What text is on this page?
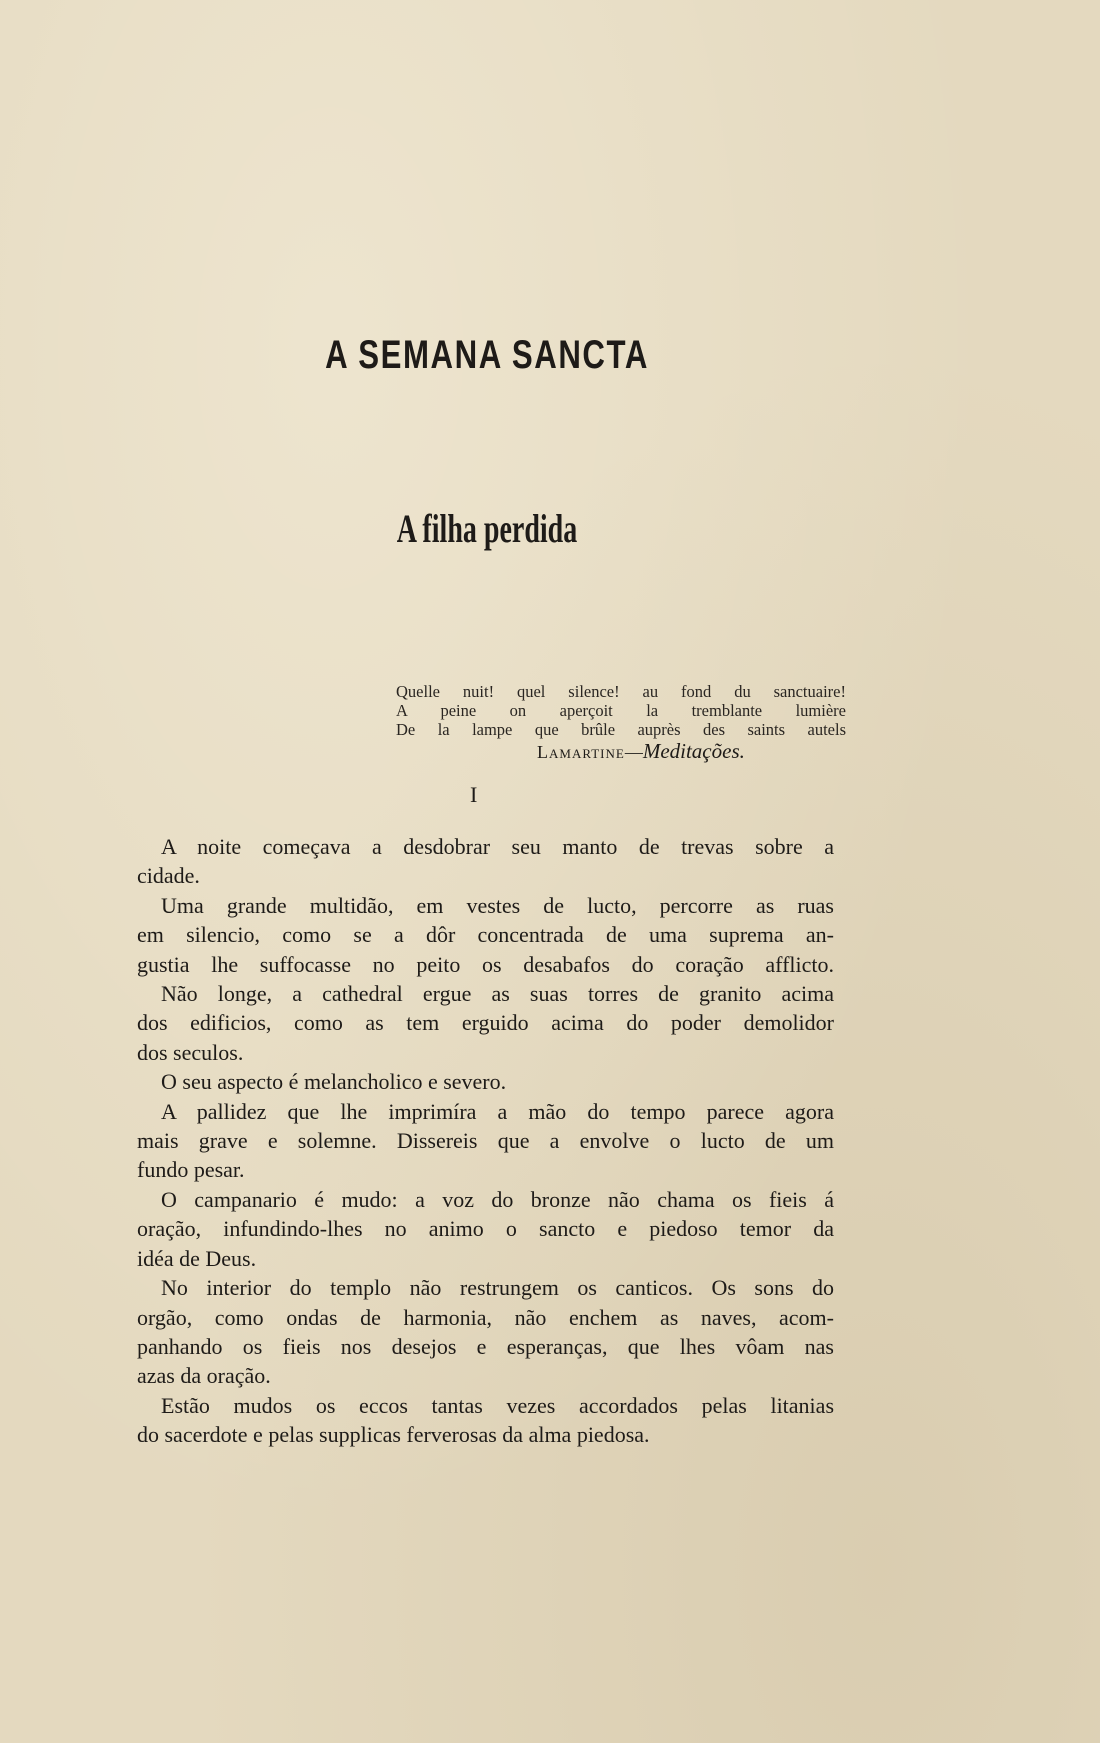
A SEMANA SANCTA
A filha perdida
Quelle nuit! quel silence! au fond du sanctuaire!
A peine on aperçoit la tremblante lumière
De la lampe que brûle auprès des saints autels
Lamartine—Meditações.
I

A noite começava a desdobrar seu manto de trevas sobre a
cidade.

Uma grande multidão, em vestes de lucto, percorre as ruas
em silencio, como se a dôr concentrada de uma suprema an-
gustia lhe suffocasse no peito os desabafos do coração afflicto.

Não longe, a cathedral ergue as suas torres de granito acima
dos edificios, como as tem erguido acima do poder demolidor
dos seculos.

O seu aspecto é melancholico e severo.

A pallidez que lhe imprimíra a mão do tempo parece agora
mais grave e solemne. Dissereis que a envolve o lucto de um
fundo pesar.

O campanario é mudo: a voz do bronze não chama os fieis á
oração, infundindo-lhes no animo o sancto e piedoso temor da
idéa de Deus.

No interior do templo não restrungem os canticos. Os sons do
orgão, como ondas de harmonia, não enchem as naves, acom-
panhando os fieis nos desejos e esperanças, que lhes vôam nas
azas da oração.

Estão mudos os eccos tantas vezes accordados pelas litanias
do sacerdote e pelas supplicas ferverosas da alma piedosa.
